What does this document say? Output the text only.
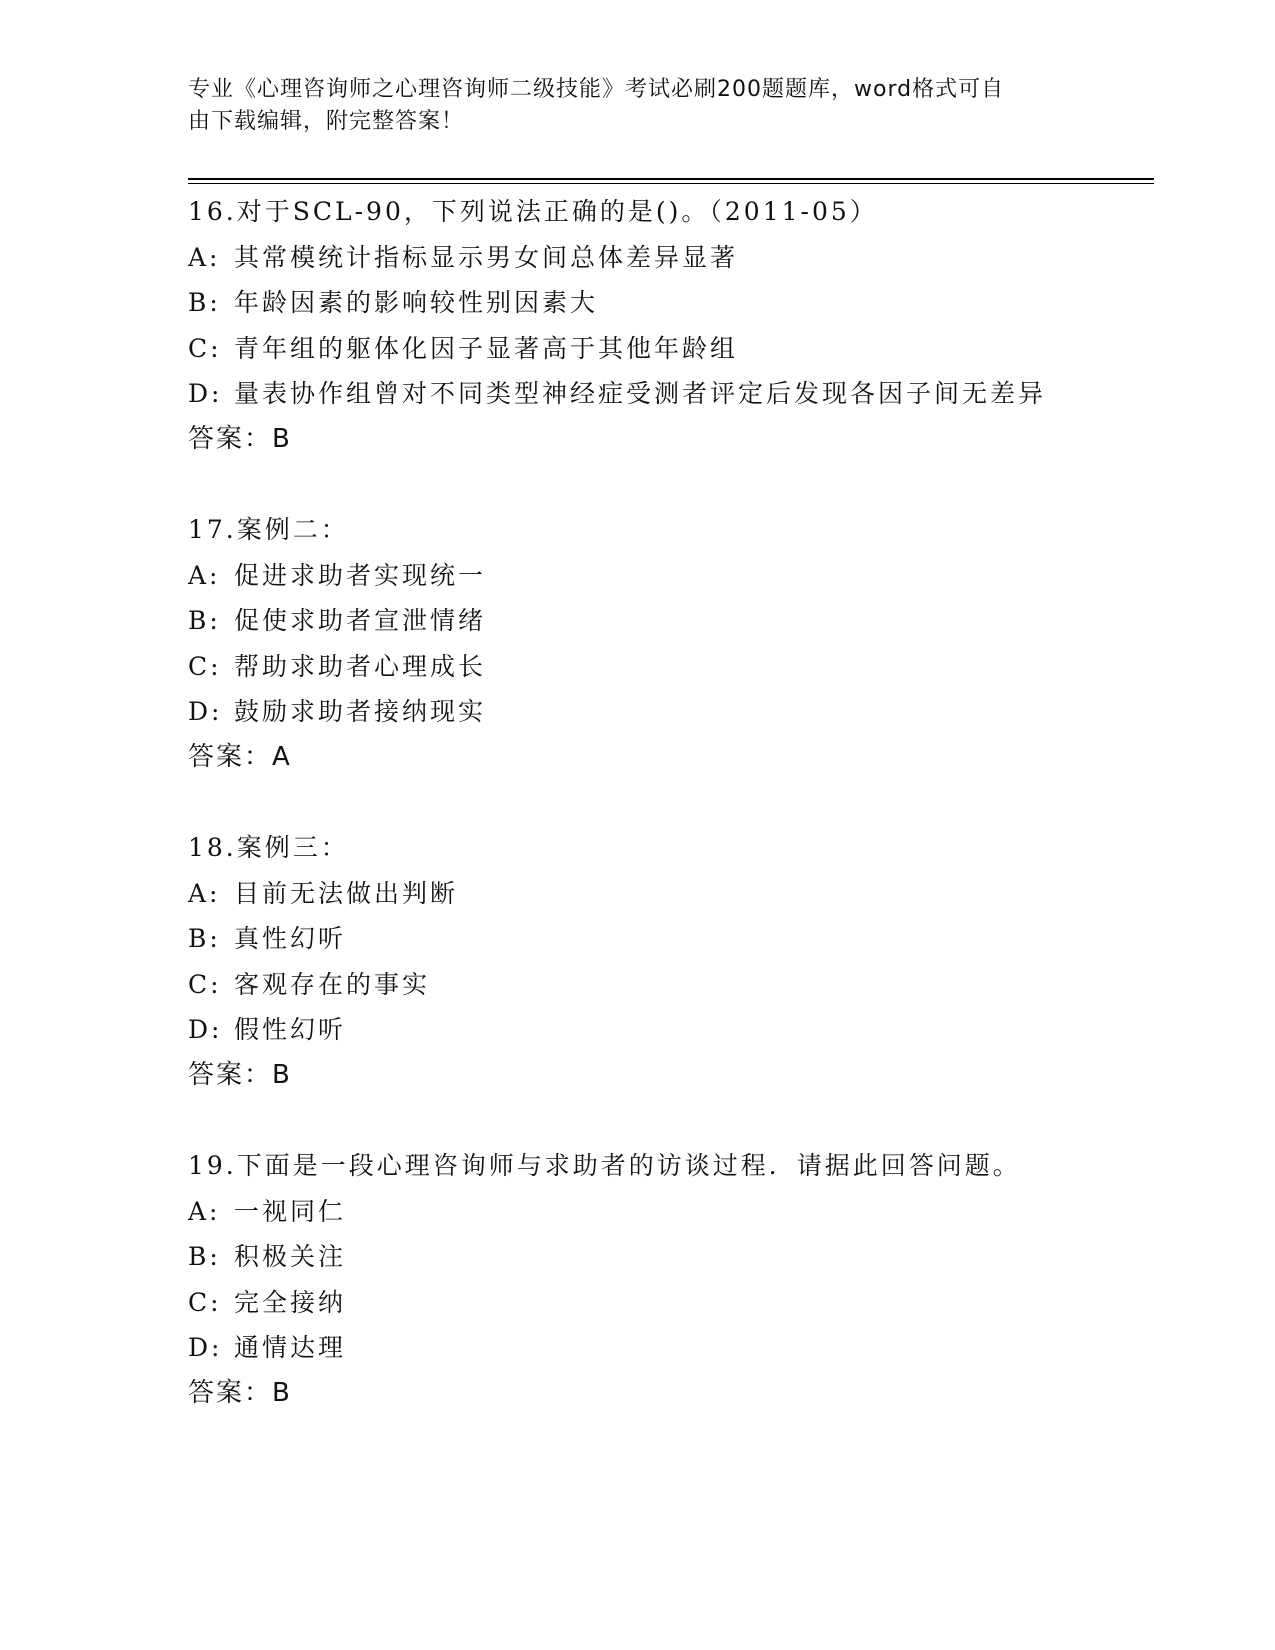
专业《心理咨询师之心理咨询师二级技能》考试必刷200题题库，word格式可自
由下载编辑，附完整答案！
16.对于SCL-90，下列说法正确的是()。（2011-05）
A: 其常模统计指标显示男女间总体差异显著
B: 年龄因素的影响较性别因素大
C: 青年组的躯体化因子显著高于其他年龄组
D: 量表协作组曾对不同类型神经症受测者评定后发现各因子间无差异
答案：B
17.案例二：
A: 促进求助者实现统一
B: 促使求助者宣泄情绪
C: 帮助求助者心理成长
D: 鼓励求助者接纳现实
答案：A
18.案例三：
A: 目前无法做出判断
B: 真性幻听
C: 客观存在的事实
D: 假性幻听
答案：B
19.下面是一段心理咨询师与求助者的访谈过程．请据此回答问题。
A: 一视同仁
B: 积极关注
C: 完全接纳
D: 通情达理
答案：B
